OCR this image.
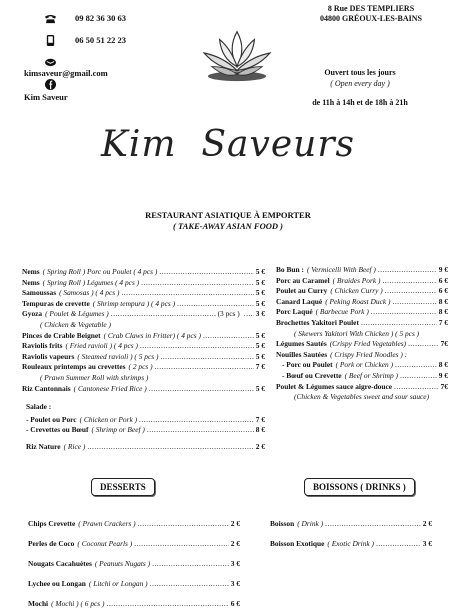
09 82 36 30 63
06 50 51 22 23
kimsaveur@gmail.com
Kim Saveur
8 Rue DES TEMPLIERS
04800 GRÉOUX-LES-BAINS
Ouvert tous les jours
( Open every day )
de 11h à 14h et de 18h à 21h
Kim  Saveurs
RESTAURANT ASIATIQUE À EMPORTER
( TAKE-AWAY ASIAN FOOD )
Nems ( Spring Roll ) Porc ou Poulet ( 4 pcs ) .....	5 €
Nems ( Spring Roll ) Légumes ( 4 pcs ) .....	5 €
Samoussas ( Samosas ) ( 4 pcs ) .....	5 €
Tempuras de crevette ( Shrimp tempura ) ( 4 pcs ) .....	5 €
Gyoza ( Poulet & Légumes ) .....	(3 pcs ) ..... 3 €
( Chicken & Vegetable )
Pinces de Crable Beignet ( Crab Claws in Fritter) ( 4 pcs ) .....	5 €
Raviolis frits ( Fried ravioli ) ( 4 pcs ) .....	5 €
Raviolis vapeurs ( Steamed ravioli ) ( 5 pcs ) .....	5 €
Rouleaux printemps au crevettes ( 2 pcs ) .....	7 €
( Prawn Summer Roll with shrimps )
Riz Cantonnais ( Cantonese Fried Rice ) .....	5 €
Salade :
- Poulet ou Porc ( Chicken or Pork ) .....	7 €
- Crevettes ou Bœuf ( Shrimp or Beef ) .....	8 €
Riz Nature ( Rice ) .....	2 €
Bo Bun : ( Vermicelli With Beef ) .....	9 €
Porc au Caramel ( Braides Pork ) .....	6 €
Poulet au Curry ( Chicken Curry ) .....	6 €
Canard Laqué ( Peking Roast Duck ) .....	8 €
Porc Laqué ( Barbecue Pork ) .....	8 €
Brochettes Yakitori Poulet .....	7 €
( Skewers Yakitori With Chicken ) ( 5 pcs )
Légumes Sautés (Crispy Fried Vegetables) .....	7€
Nouilles Sautées ( Crispy Fried Noodles ) :
- Porc ou Poulet ( Pork or Chicken ) .....	8 €
- Bœuf ou Crevette ( Beef or Shrimp ) .....	9 €
Poulet & Légumes sauce aigre-douce .....	7€
(Chicken & Vegetables sweet and sour sauce)
DESSERTS	BOISSONS ( DRINKS )
Chips Crevette ( Prawn Crackers ) .....	2 €
Perles de Coco ( Coconut Pearls ) .....	2 €
Nougats Cacahuètes ( Peanuts Nugats ) .....	3 €
Lychee ou Longan ( Litchi or Longan ) .....	3 €
Mochi ( Mochi ) ( 6 pcs ) .....	6 €
Boisson ( Drink ) .....	2 €
Boisson Exotique ( Exotic Drink ) .....	3 €
